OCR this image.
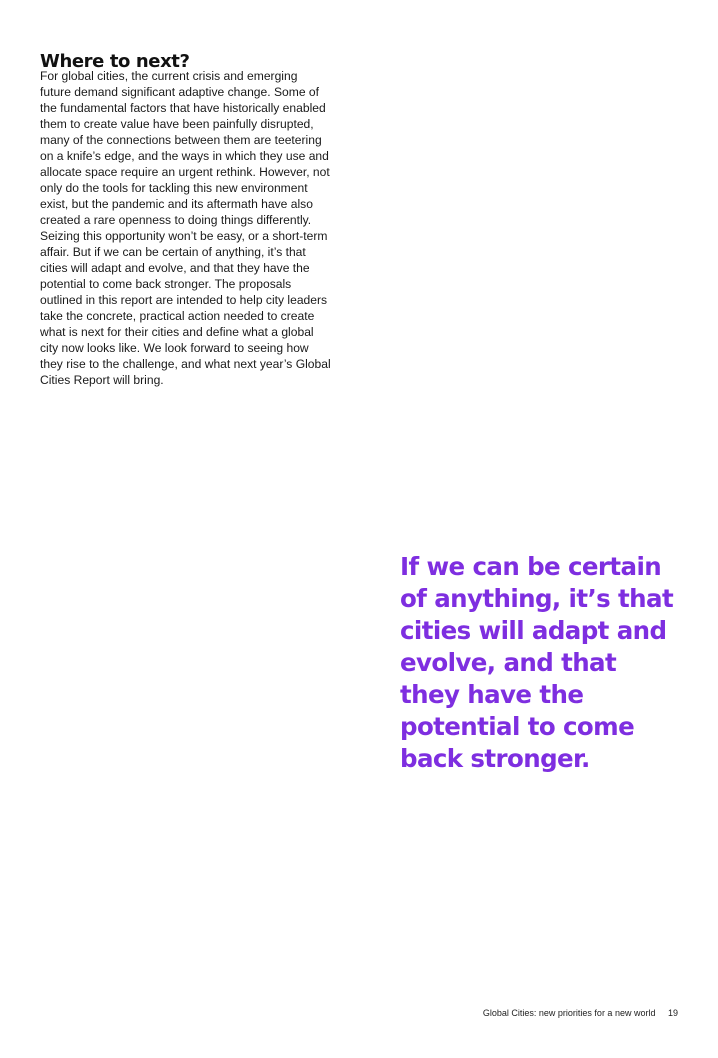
Where to next?
For global cities, the current crisis and emerging
future demand significant adaptive change. Some of
the fundamental factors that have historically enabled
them to create value have been painfully disrupted,
many of the connections between them are teetering
on a knife’s edge, and the ways in which they use and
allocate space require an urgent rethink. However, not
only do the tools for tackling this new environment
exist, but the pandemic and its aftermath have also
created a rare openness to doing things differently.
Seizing this opportunity won’t be easy, or a short-term
affair. But if we can be certain of anything, it’s that
cities will adapt and evolve, and that they have the
potential to come back stronger. The proposals
outlined in this report are intended to help city leaders
take the concrete, practical action needed to create
what is next for their cities and define what a global
city now looks like. We look forward to seeing how
they rise to the challenge, and what next year’s Global
Cities Report will bring.
If we can be certain
of anything, it’s that
cities will adapt and
evolve, and that
they have the
potential to come
back stronger.
Global Cities: new priorities for a new world 19
